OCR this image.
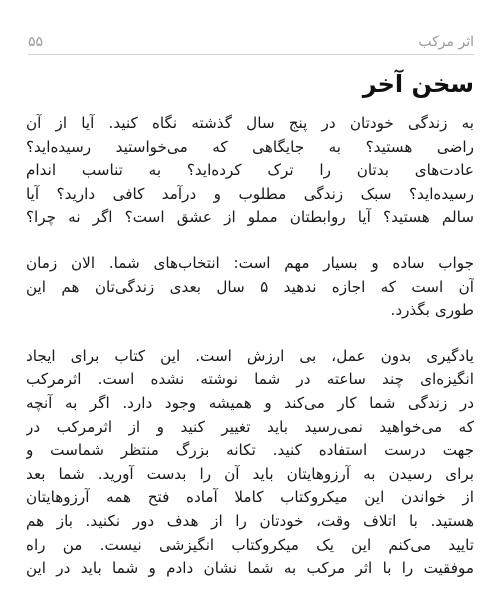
اثر مرکب
۵۵
سخن آخر

به زندگی خودتان در پنج سال گذشته نگاه کنید. آیا از آن
راضی هستید؟ به جایگاهی که می‌خواستید رسیده‌اید؟
عادت‌های بدتان را ترک کرده‌اید؟ به تناسب اندام
رسیده‌اید؟ سبک زندگی مطلوب و درآمد کافی دارید؟ آیا
سالم هستید؟ آیا روابطتان مملو از عشق است؟ اگر نه چرا؟

جواب ساده و بسیار مهم است: انتخاب‌های شما. الان زمان
آن است که اجازه ندهید ۵ سال بعدی زندگی‌تان هم این
طوری بگذرد.

یادگیری بدون عمل، بی ارزش است. این کتاب برای ایجاد
انگیزه‌ای چند ساعته در شما نوشته نشده است. اثرمرکب
در زندگی شما کار می‌کند و همیشه وجود دارد. اگر به آنچه
که می‌خواهید نمی‌رسید باید تغییر کنید و از اثرمرکب در
جهت درست استفاده کنید. تکانه بزرگ منتظر شماست و
برای رسیدن به آرزوهایتان باید آن را بدست آورید. شما بعد
از خواندن این میکروکتاب کاملا آماده فتح همه آرزوهایتان
هستید. با اتلاف وقت، خودتان را از هدف دور نکنید. باز هم
تایید می‌کنم این یک میکروکتاب انگیزشی نیست. من راه
موفقیت را با اثر مرکب به شما نشان دادم و شما باید در این
